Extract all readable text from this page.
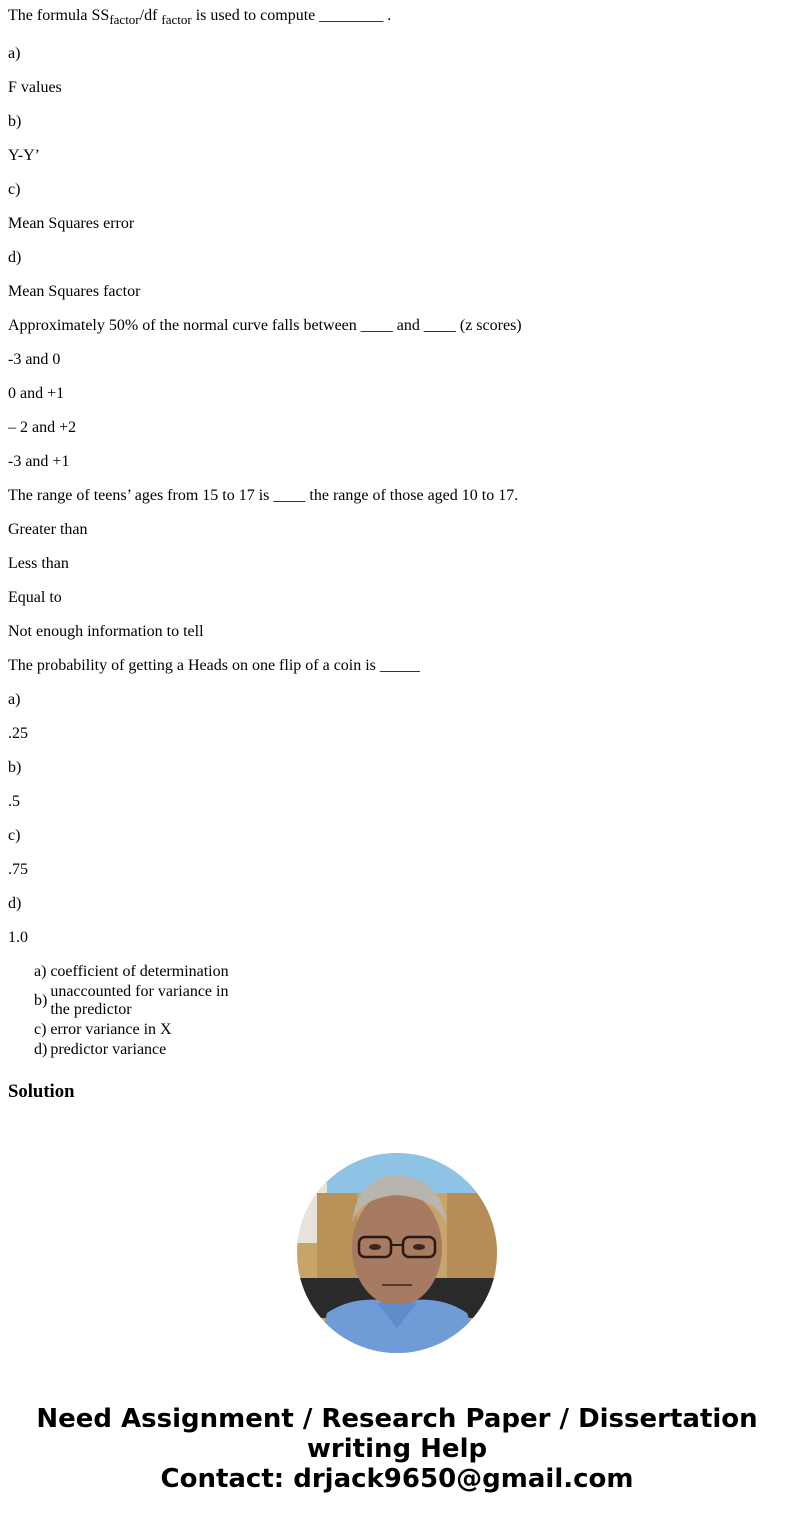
The formula $SS_{factor}/df$ $_{factor}$ is used to compute ________ .

a)

F values

b)

Y-Y’

c)

Mean Squares error

d)

Mean Squares factor

Approximately 50% of the normal curve falls between ____ and ____ (z scores)

-3 and 0

0 and +1

– 2 and +2

-3 and +1

The range of teens’ ages from 15 to 17 is ____ the range of those aged 10 to 17.

Greater than

Less than

Equal to

Not enough information to tell

The probability of getting a Heads on one flip of a coin is _____

a)

.25

b)

.5

c)

.75

d)

1.0

a)	coefficient of determination
b)	unaccounted for variance in the predictor
c)	error variance in X
d)	predictor variance
Solution
Need Assignment / Research Paper / Dissertation
writing Help
Contact: drjack9650@gmail.com
